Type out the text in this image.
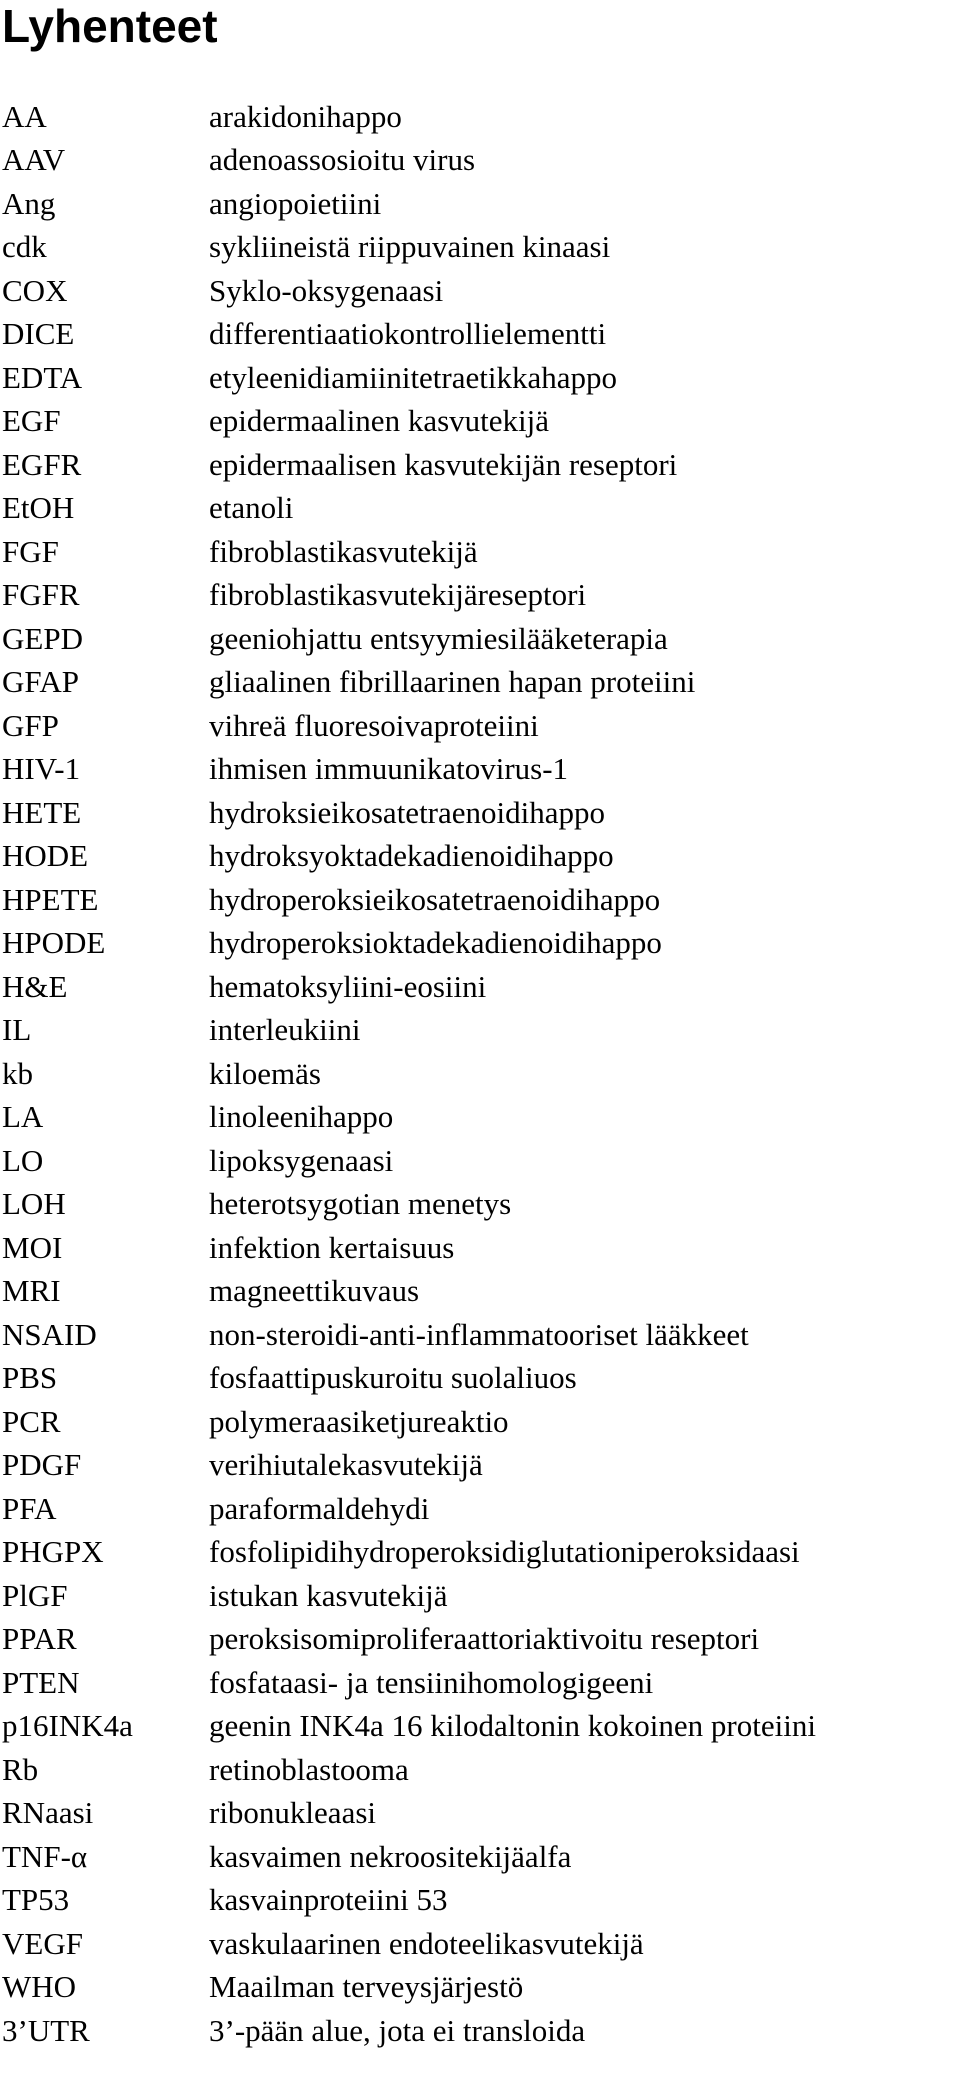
Lyhenteet
AA	arakidonihappo
AAV	adenoassosioitu virus
Ang	angiopoietiini
cdk	sykliineistä riippuvainen kinaasi
COX	Syklo-oksygenaasi
DICE	differentiaatiokontrollielementti
EDTA	etyleenidiamiinitetraetikkahappo
EGF	epidermaalinen kasvutekijä
EGFR	epidermaalisen kasvutekijän reseptori
EtOH	etanoli
FGF	fibroblastikasvutekijä
FGFR	fibroblastikasvutekijäreseptori
GEPD	geeniohjattu entsyymiesilääketerapia
GFAP	gliaalinen fibrillaarinen hapan proteiini
GFP	vihreä fluoresoivaproteiini
HIV-1	ihmisen immuunikatovirus-1
HETE	hydroksieikosatetraenoidihappo
HODE	hydroksyoktadekadienoidihappo
HPETE	hydroperoksieikosatetraenoidihappo
HPODE	hydroperoksioktadekadienoidihappo
H&E	hematoksyliini-eosiini
IL	interleukiini
kb	kiloemäs
LA	linoleenihappo
LO	lipoksygenaasi
LOH	heterotsygotian menetys
MOI	infektion kertaisuus
MRI	magneettikuvaus
NSAID	non-steroidi-anti-inflammatooriset lääkkeet
PBS	fosfaattipuskuroitu suolaliuos
PCR	polymeraasiketjureaktio
PDGF	verihiutalekasvutekijä
PFA	paraformaldehydi
PHGPX	fosfolipidihydroperoksidiglutationiperoksidaasi
PlGF	istukan kasvutekijä
PPAR	peroksisomiproliferaattoriaktivoitu reseptori
PTEN	fosfataasi- ja tensiinihomologigeeni
p16INK4a	geenin INK4a 16 kilodaltonin kokoinen proteiini
Rb	retinoblastooma
RNaasi	ribonukleaasi
TNF-α	kasvaimen nekroositekijäalfa
TP53	kasvainproteiini 53
VEGF	vaskulaarinen endoteelikasvutekijä
WHO	Maailman terveysjärjestö
3’UTR	3’-pään alue, jota ei transloida
